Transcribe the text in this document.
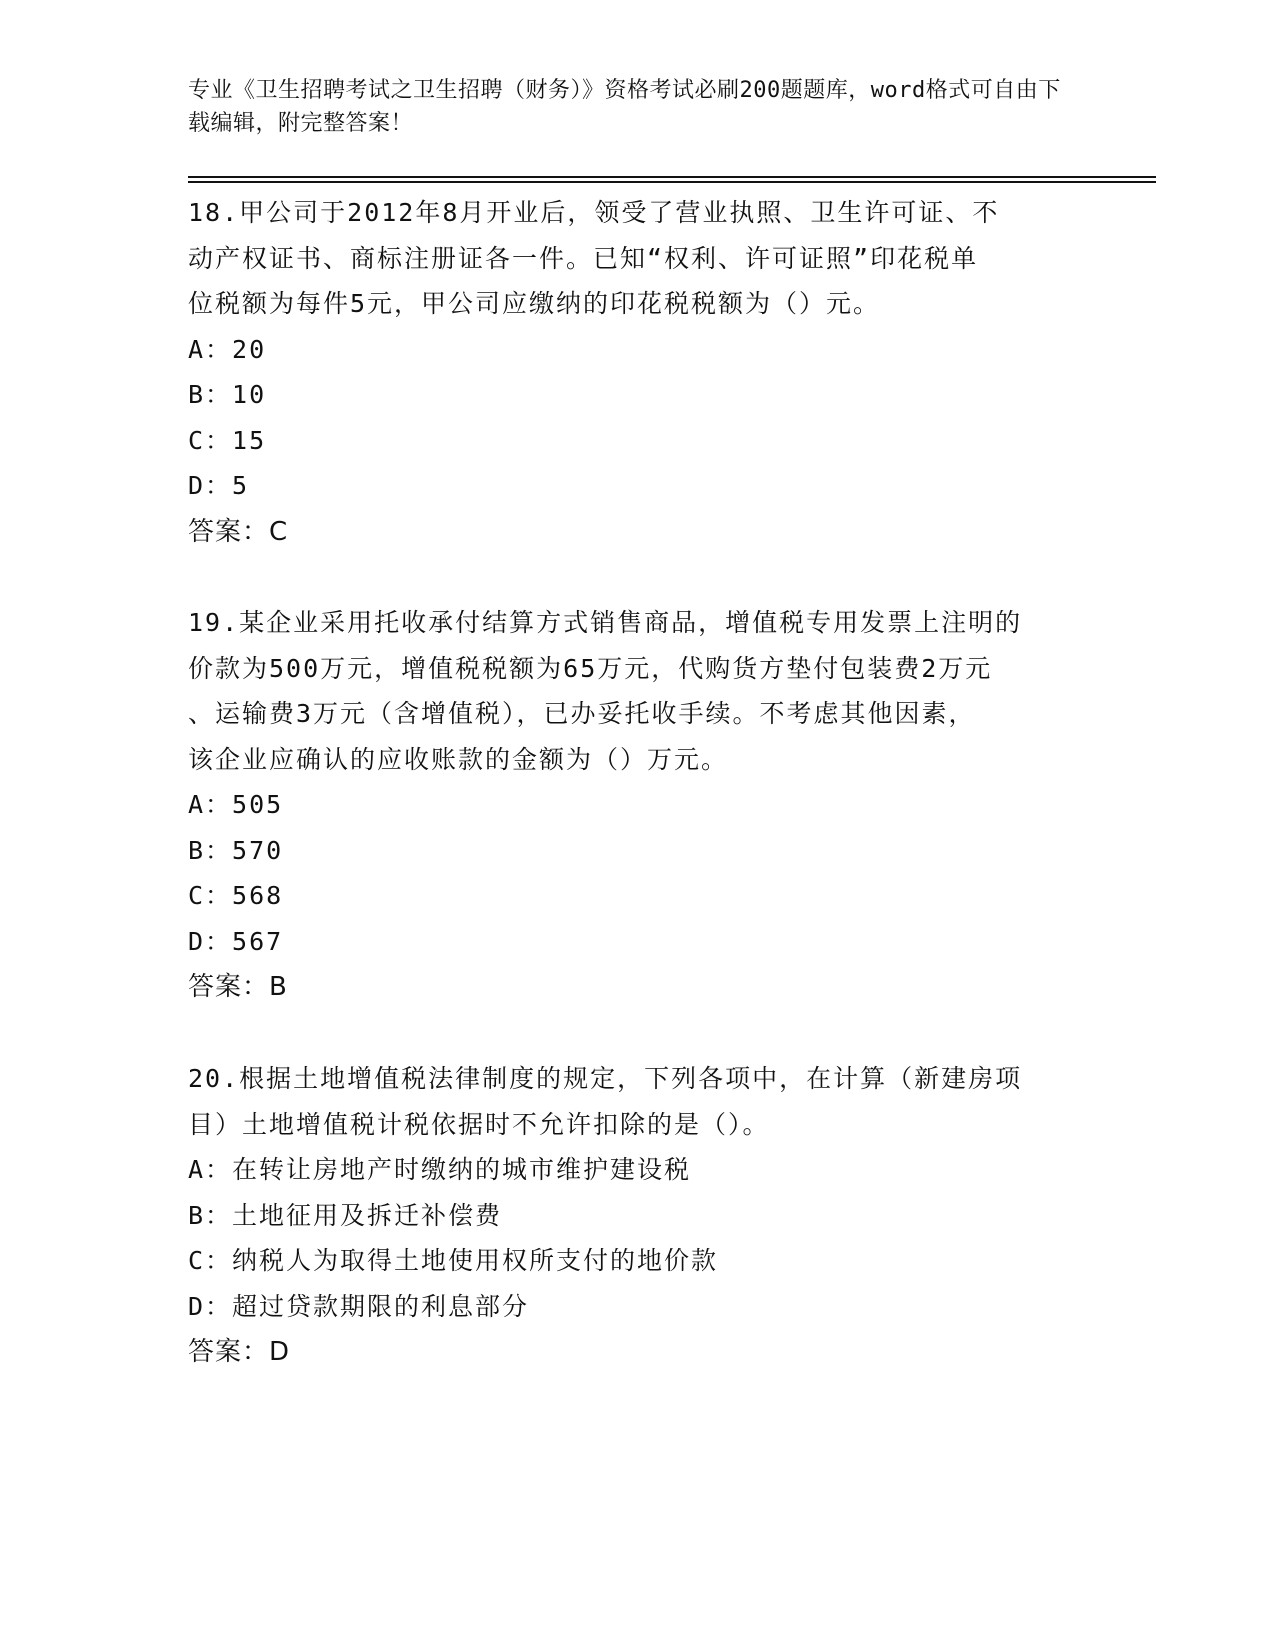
专业《卫生招聘考试之卫生招聘（财务）》资格考试必刷200题题库，word格式可自由下载编辑，附完整答案！

18.甲公司于2012年8月开业后，领受了营业执照、卫生许可证、不

动产权证书、商标注册证各一件。已知“权利、许可证照”印花税单

位税额为每件5元，甲公司应缴纳的印花税税额为（）元。

A：20

B：10

C：15

D：5

答案：C

19.某企业采用托收承付结算方式销售商品，增值税专用发票上注明的

价款为500万元，增值税税额为65万元，代购货方垫付包装费2万元

、运输费3万元（含增值税），已办妥托收手续。不考虑其他因素，

该企业应确认的应收账款的金额为（）万元。

A：505

B：570

C：568

D：567

答案：B

20.根据土地增值税法律制度的规定，下列各项中，在计算（新建房项

目）土地增值税计税依据时不允许扣除的是（）。

A：在转让房地产时缴纳的城市维护建设税

B：土地征用及拆迁补偿费

C：纳税人为取得土地使用权所支付的地价款

D：超过贷款期限的利息部分

答案：D
